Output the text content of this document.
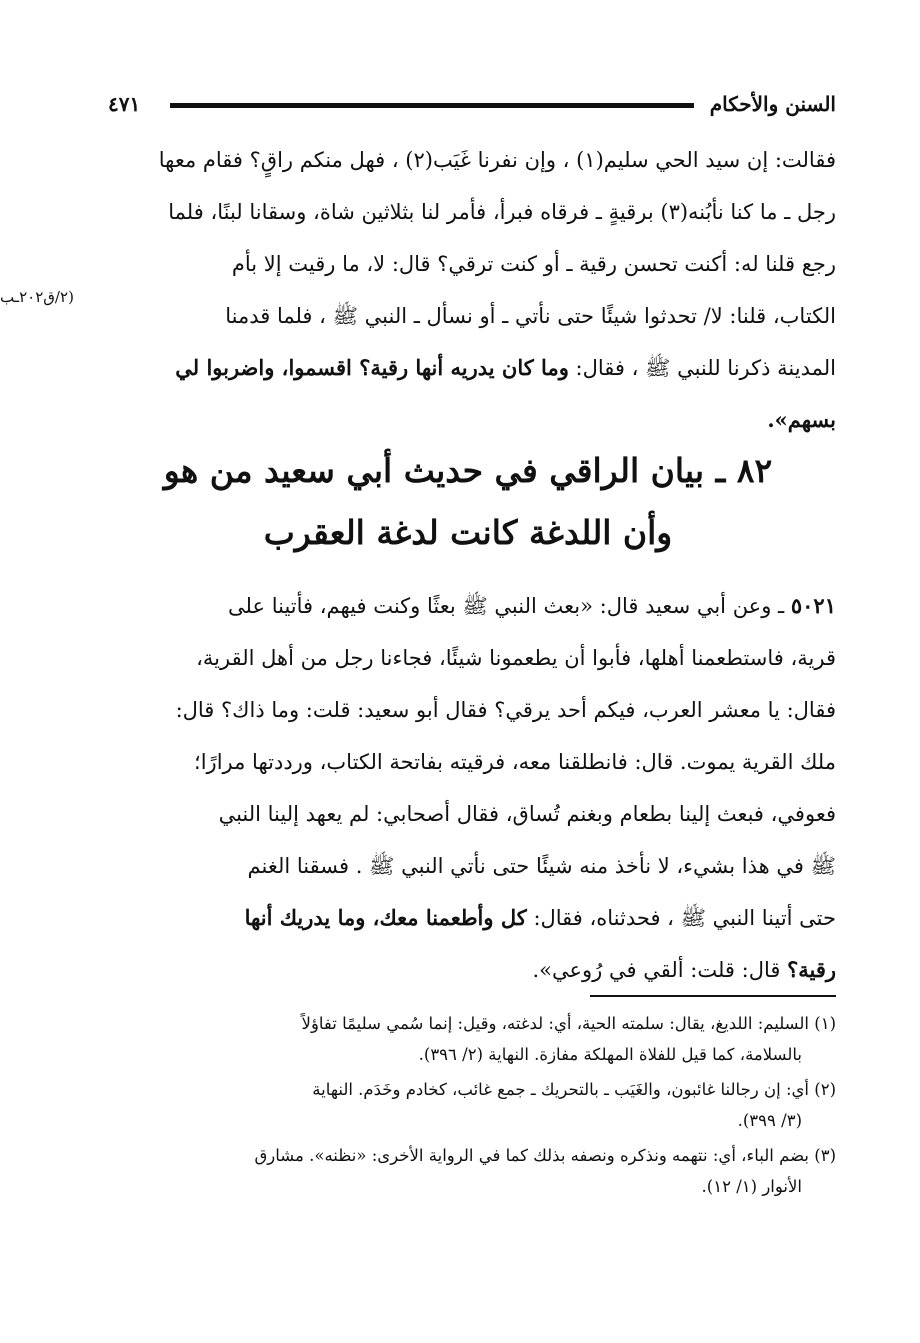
السنن والأحكام
٤٧١
(٢/ق٢٠٢ـب
فقالت: إن سيد الحي سليم(١) ، وإن نفرنا غَيَب(٢) ، فهل منكم راقٍ؟ فقام معها
رجل ـ ما كنا نأبُنه(٣) برقيةٍ ـ فرقاه فبرأ، فأمر لنا بثلاثين شاة، وسقانا لبنًا، فلما
رجع قلنا له: أكنت تحسن رقية ـ أو كنت ترقي؟ قال: لا، ما رقيت إلا بأم
الكتاب، قلنا: لا/ تحدثوا شيئًا حتى نأتي ـ أو نسأل ـ النبي ﷺ ، فلما قدمنا
المدينة ذكرنا للنبي ﷺ ، فقال: وما كان يدريه أنها رقية؟ اقسموا، واضربوا لي
بسهم».
٨٢ ـ بيان الراقي في حديث أبي سعيد من هو
وأن اللدغة كانت لدغة العقرب
٥٠٢١ ـ وعن أبي سعيد قال: «بعث النبي ﷺ بعثًا وكنت فيهم، فأتينا على
قرية، فاستطعمنا أهلها، فأبوا أن يطعمونا شيئًا، فجاءنا رجل من أهل القرية،
فقال: يا معشر العرب، فيكم أحد يرقي؟ فقال أبو سعيد: قلت: وما ذاك؟ قال:
ملك القرية يموت. قال: فانطلقنا معه، فرقيته بفاتحة الكتاب، ورددتها مرارًا؛
فعوفي، فبعث إلينا بطعام وبغنم تُساق، فقال أصحابي: لم يعهد إلينا النبي
ﷺ في هذا بشيء، لا نأخذ منه شيئًا حتى نأتي النبي ﷺ . فسقنا الغنم
حتى أتينا النبي ﷺ ، فحدثناه، فقال: كل وأطعمنا معك، وما يدريك أنها
رقية؟ قال: قلت: ألقي في رُوعي».
(١) السليم: اللديغ، يقال: سلمته الحية، أي: لدغته، وقيل: إنما سُمي سليمًا تفاؤلاً
بالسلامة، كما قيل للفلاة المهلكة مفازة. النهاية (٢/ ٣٩٦).
(٢) أي: إن رجالنا غائبون، والغَيَب ـ بالتحريك ـ جمع غائب، كخادم وخَدَم. النهاية
(٣/ ٣٩٩).
(٣) بضم الباء، أي: نتهمه ونذكره ونصفه بذلك كما في الرواية الأخرى: «نظنه». مشارق
الأنوار (١/ ١٢).
